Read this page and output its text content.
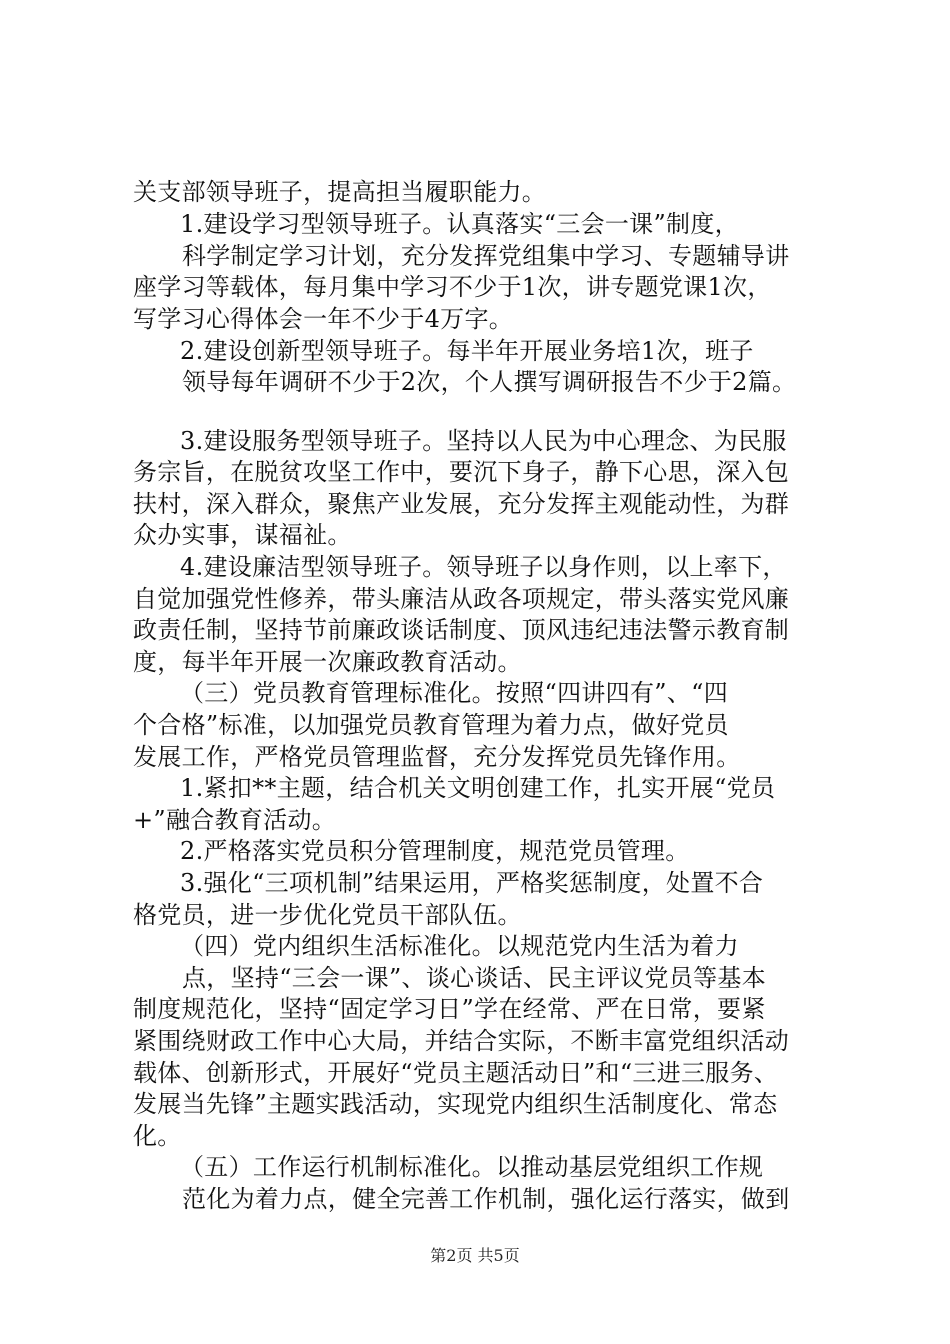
关支部领导班子，提高担当履职能力。
1.建设学习型领导班子。认真落实“三会一课”制度，
科学制定学习计划，充分发挥党组集中学习、专题辅导讲
座学习等载体，每月集中学习不少于1次，讲专题党课1次，
写学习心得体会一年不少于4万字。
2.建设创新型领导班子。每半年开展业务培1次，班子
领导每年调研不少于2次，个人撰写调研报告不少于2篇。
3.建设服务型领导班子。坚持以人民为中心理念、为民服
务宗旨，在脱贫攻坚工作中，要沉下身子，静下心思，深入包
扶村，深入群众，聚焦产业发展，充分发挥主观能动性，为群
众办实事，谋福祉。
4.建设廉洁型领导班子。领导班子以身作则，以上率下，
自觉加强党性修养，带头廉洁从政各项规定，带头落实党风廉
政责任制，坚持节前廉政谈话制度、顶风违纪违法警示教育制
度，每半年开展一次廉政教育活动。
（三）党员教育管理标准化。按照“四讲四有”、“四
个合格”标准，以加强党员教育管理为着力点，做好党员
发展工作，严格党员管理监督，充分发挥党员先锋作用。
1.紧扣**主题，结合机关文明创建工作，扎实开展“党员
+”融合教育活动。
2.严格落实党员积分管理制度，规范党员管理。
3.强化“三项机制”结果运用，严格奖惩制度，处置不合
格党员，进一步优化党员干部队伍。
（四）党内组织生活标准化。以规范党内生活为着力
点，坚持“三会一课”、谈心谈话、民主评议党员等基本
制度规范化，坚持“固定学习日”学在经常、严在日常，要紧
紧围绕财政工作中心大局，并结合实际，不断丰富党组织活动
载体、创新形式，开展好“党员主题活动日”和“三进三服务、
发展当先锋”主题实践活动，实现党内组织生活制度化、常态
化。
（五）工作运行机制标准化。以推动基层党组织工作规
范化为着力点，健全完善工作机制，强化运行落实，做到
第2页 共5页
